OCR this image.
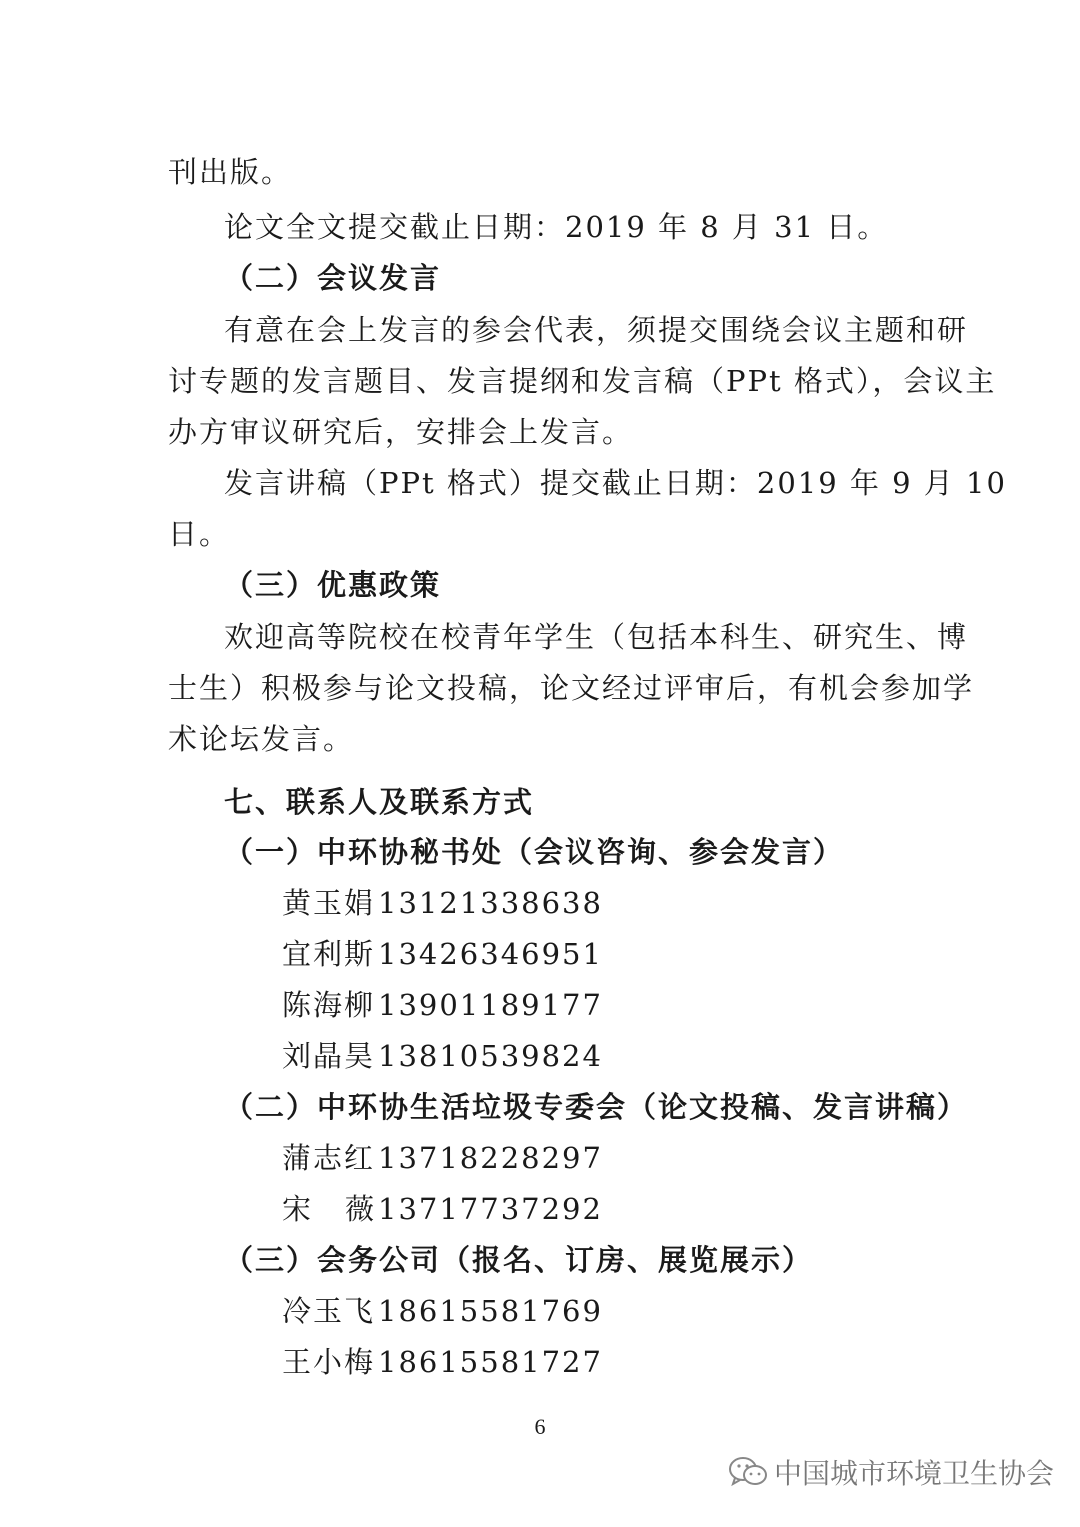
刊出版。
论文全文提交截止日期：2019 年 8 月 31 日。
（二）会议发言
有意在会上发言的参会代表，须提交围绕会议主题和研
讨专题的发言题目、发言提纲和发言稿（PPt 格式），会议主
办方审议研究后，安排会上发言。
发言讲稿（PPt 格式）提交截止日期：2019 年 9 月 10
日。
（三）优惠政策
欢迎高等院校在校青年学生（包括本科生、研究生、博
士生）积极参与论文投稿，论文经过评审后，有机会参加学
术论坛发言。
七、联系人及联系方式
（一）中环协秘书处（会议咨询、参会发言）
黄玉娟 13121338638
宜利斯 13426346951
陈海柳 13901189177
刘晶昊 13810539824
（二）中环协生活垃圾专委会（论文投稿、发言讲稿）
蒲志红 13718228297
宋薇13717737292
（三）会务公司（报名、订房、展览展示）
冷玉飞 18615581769
王小梅 18615581727
6
中国城市环境卫生协会
